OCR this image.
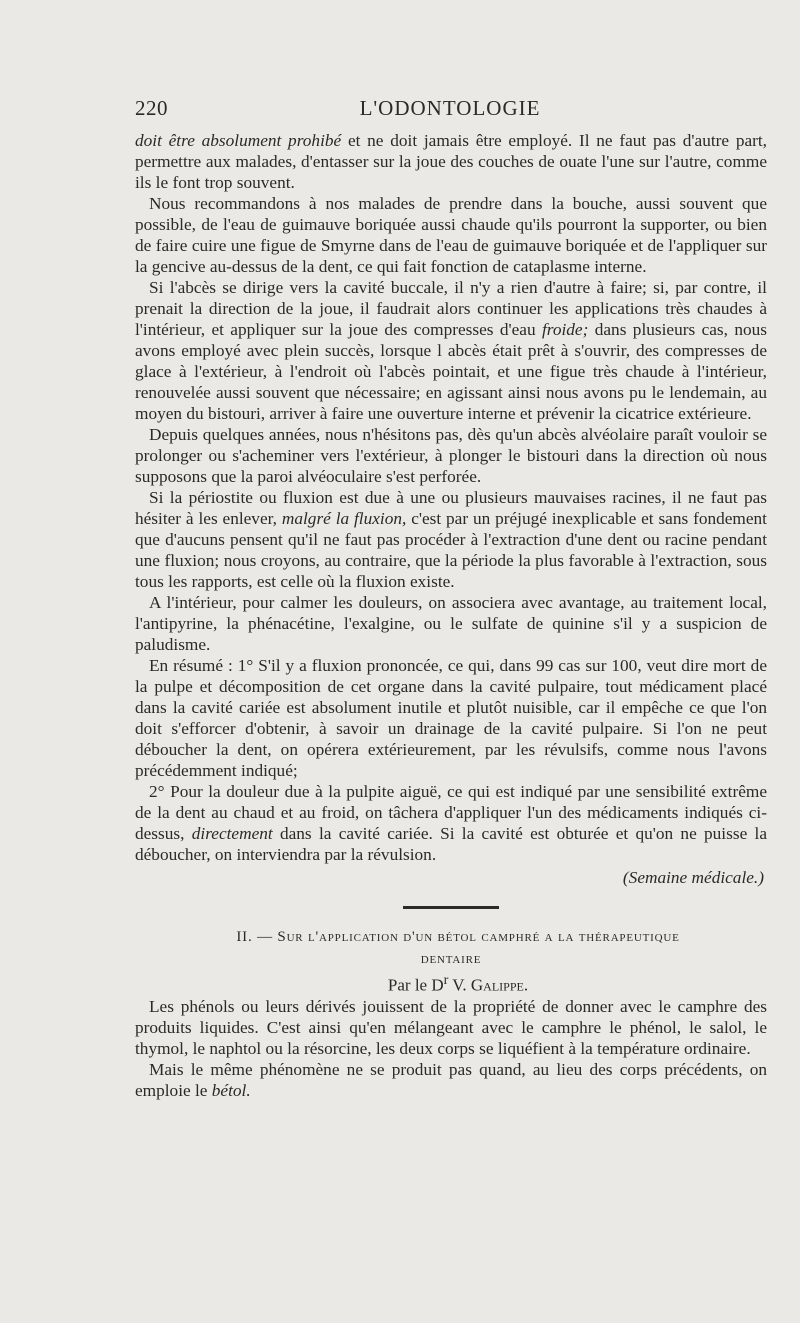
220	L'ODONTOLOGIE

doit être absolument prohibé et ne doit jamais être employé. Il ne faut pas d'autre part, permettre aux malades, d'entasser sur la joue des couches de ouate l'une sur l'autre, comme ils le font trop souvent.

Nous recommandons à nos malades de prendre dans la bouche, aussi souvent que possible, de l'eau de guimauve boriquée aussi chaude qu'ils pourront la supporter, ou bien de faire cuire une figue de Smyrne dans de l'eau de guimauve boriquée et de l'appliquer sur la gencive au-dessus de la dent, ce qui fait fonction de cataplasme interne.

Si l'abcès se dirige vers la cavité buccale, il n'y a rien d'autre à faire; si, par contre, il prenait la direction de la joue, il faudrait alors continuer les applications très chaudes à l'intérieur, et appliquer sur la joue des compresses d'eau froide; dans plusieurs cas, nous avons employé avec plein succès, lorsque l abcès était prêt à s'ouvrir, des compresses de glace à l'extérieur, à l'endroit où l'abcès pointait, et une figue très chaude à l'intérieur, renouvelée aussi souvent que nécessaire; en agissant ainsi nous avons pu le lendemain, au moyen du bistouri, arriver à faire une ouverture interne et prévenir la cicatrice extérieure.

Depuis quelques années, nous n'hésitons pas, dès qu'un abcès alvéolaire paraît vouloir se prolonger ou s'acheminer vers l'extérieur, à plonger le bistouri dans la direction où nous supposons que la paroi alvéoculaire s'est perforée.

Si la périostite ou fluxion est due à une ou plusieurs mauvaises racines, il ne faut pas hésiter à les enlever, malgré la fluxion, c'est par un préjugé inexplicable et sans fondement que d'aucuns pensent qu'il ne faut pas procéder à l'extraction d'une dent ou racine pendant une fluxion; nous croyons, au contraire, que la période la plus favorable à l'extraction, sous tous les rapports, est celle où la fluxion existe.

A l'intérieur, pour calmer les douleurs, on associera avec avantage, au traitement local, l'antipyrine, la phénacétine, l'exalgine, ou le sulfate de quinine s'il y a suspicion de paludisme.

En résumé : 1° S'il y a fluxion prononcée, ce qui, dans 99 cas sur 100, veut dire mort de la pulpe et décomposition de cet organe dans la cavité pulpaire, tout médicament placé dans la cavité cariée est absolument inutile et plutôt nuisible, car il empêche ce que l'on doit s'efforcer d'obtenir, à savoir un drainage de la cavité pulpaire. Si l'on ne peut déboucher la dent, on opérera extérieurement, par les révulsifs, comme nous l'avons précédemment indiqué;

2° Pour la douleur due à la pulpite aiguë, ce qui est indiqué par une sensibilité extrême de la dent au chaud et au froid, on tâchera d'appliquer l'un des médicaments indiqués ci-dessus, directement dans la cavité cariée. Si la cavité est obturée et qu'on ne puisse la déboucher, on interviendra par la révulsion.

(Semaine médicale.)

II. — Sur l'application d'un bétol camphré a la thérapeutique
dentaire

Par le $D^r$ V. Galippe.

Les phénols ou leurs dérivés jouissent de la propriété de donner avec le camphre des produits liquides. C'est ainsi qu'en mélangeant avec le camphre le phénol, le salol, le thymol, le naphtol ou la résorcine, les deux corps se liquéfient à la température ordinaire.

Mais le même phénomène ne se produit pas quand, au lieu des corps précédents, on emploie le bétol.
